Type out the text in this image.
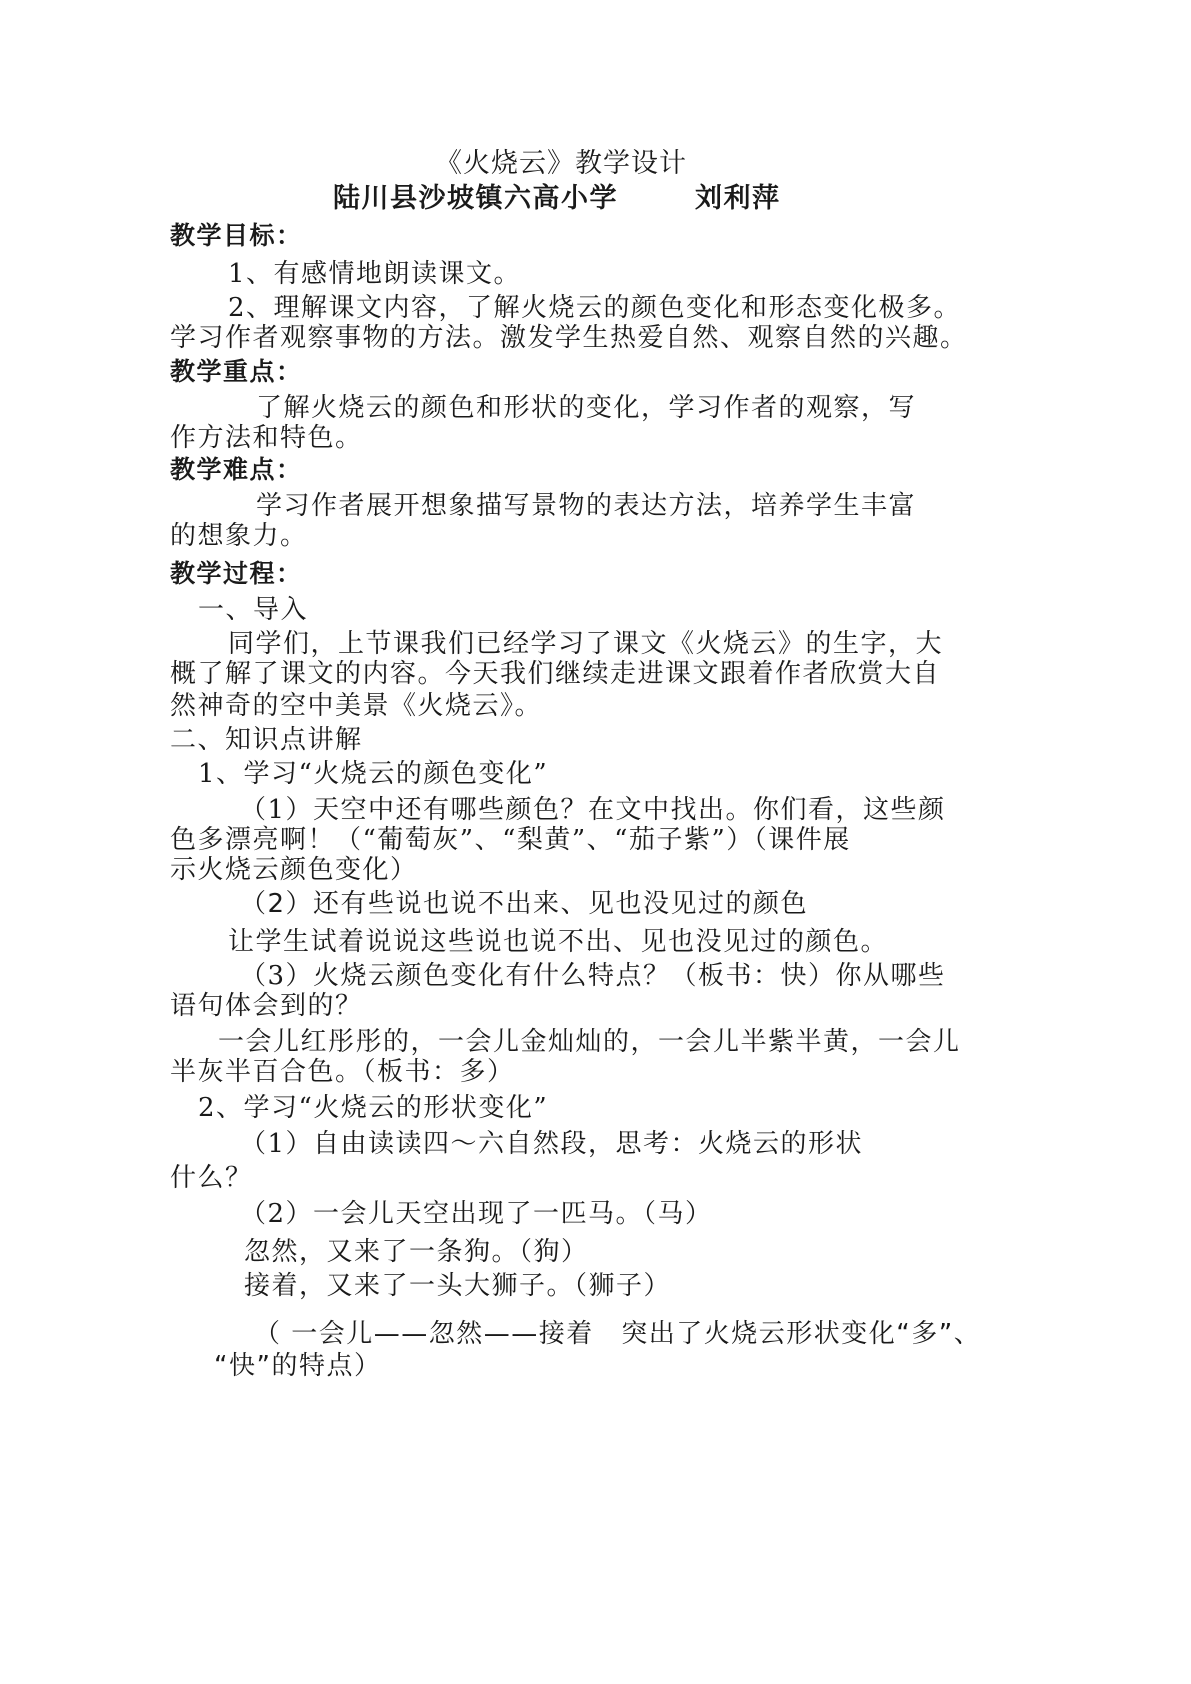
《火烧云》教学设计
陆川县沙坡镇六高小学	刘利萍
教学目标：
1、有感情地朗读课文。
2、理解课文内容，了解火烧云的颜色变化和形态变化极多。
学习作者观察事物的方法。激发学生热爱自然、观察自然的兴趣。
教学重点：
了解火烧云的颜色和形状的变化，学习作者的观察，写
作方法和特色。
教学难点：
学习作者展开想象描写景物的表达方法，培养学生丰富
的想象力。
教学过程：
一、导入
同学们，上节课我们已经学习了课文《火烧云》的生字，大
概了解了课文的内容。今天我们继续走进课文跟着作者欣赏大自
然神奇的空中美景《火烧云》。
二、知识点讲解
1、学习“火烧云的颜色变化”
（1）天空中还有哪些颜色？在文中找出。你们看，这些颜
色多漂亮啊！（“葡萄灰”、“梨黄”、“茄子紫”）（课件展
示火烧云颜色变化）
（2）还有些说也说不出来、见也没见过的颜色
让学生试着说说这些说也说不出、见也没见过的颜色。
（3）火烧云颜色变化有什么特点？（板书：快）你从哪些
语句体会到的？
一会儿红彤彤的，一会儿金灿灿的，一会儿半紫半黄，一会儿
半灰半百合色。（板书：多）
2、学习“火烧云的形状变化”
（1）自由读读四～六自然段，思考：火烧云的形状
什么？
（2）一会儿天空出现了一匹马。（马）
忽然，又来了一条狗。（狗）
接着，又来了一头大狮子。（狮子）
（ 一会儿——忽然——接着　突出了火烧云形状变化“多”、
“快”的特点）
